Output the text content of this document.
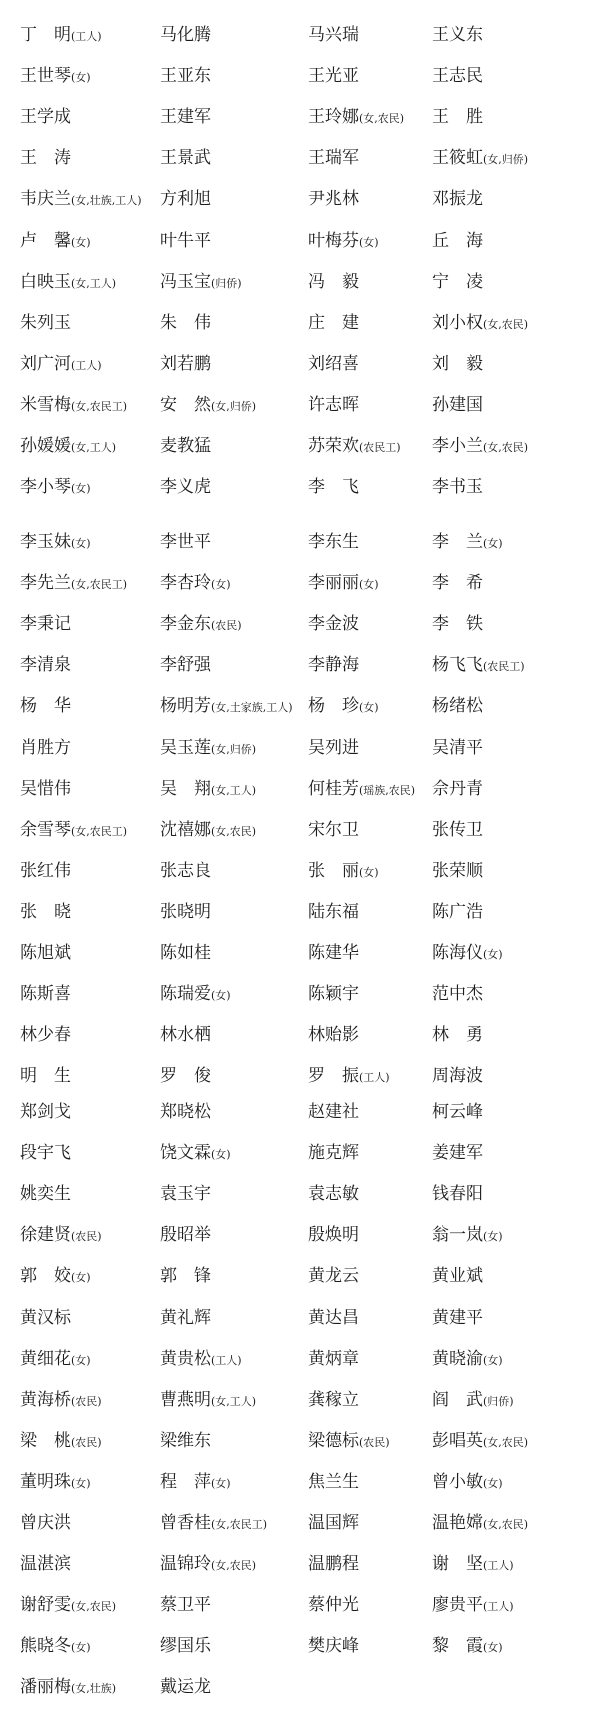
丁　明(工人)	马化腾	马兴瑞	王义东
王世琴(女)	王亚东	王光亚	王志民
王学成	王建军	王玲娜(女,农民) 王　胜
王　涛	王景武	王瑞军	王筱虹(女,归侨)
韦庆兰(女,壮族,工人) 方利旭	尹兆林	邓振龙
卢　馨(女)	叶牛平	叶梅芬(女)	丘　海
白映玉(女,工人)	冯玉宝(归侨)	冯　毅	宁　凌
朱列玉	朱　伟	庄　建	刘小权(女,农民)
刘广河(工人)	刘若鹏	刘绍喜	刘　毅
米雪梅(女,农民工) 安　然(女,归侨)	许志晖	孙建国
孙媛媛(女,工人)	麦教猛	苏荣欢(农民工) 李小兰(女,农民)
李小琴(女)	李义虎	李　飞	李书玉
李玉妹(女)	李世平	李东生	李　兰(女)
李先兰(女,农民工) 李杏玲(女)	李丽丽(女)	李　希
李秉记	李金东(农民)	李金波	李　铁
李清泉	李舒强	李静海	杨飞飞(农民工)
杨　华	杨明芳(女,土家族,工人) 杨　珍(女)	杨绪松
肖胜方	吴玉莲(女,归侨)	吴列进	吴清平
吴惜伟	吴　翔(女,工人)	何桂芳(瑶族,农民) 佘丹青
余雪琴(女,农民工) 沈禧娜(女,农民)	宋尔卫	张传卫
张红伟	张志良	张　丽(女)	张荣顺
张　晓	张晓明	陆东福	陈广浩
陈旭斌	陈如桂	陈建华	陈海仪(女)
陈斯喜	陈瑞爱(女)	陈颖宇	范中杰
林少春	林水栖	林贻影	林　勇
明　生	罗　俊	罗　振(工人) 周海波
郑剑戈	郑晓松	赵建社	柯云峰
段宇飞	饶文霖(女)	施克辉	姜建军
姚奕生	袁玉宇	袁志敏	钱春阳
徐建贤(农民)	殷昭举	殷焕明	翁一岚(女)
郭　姣(女)	郭　锋	黄龙云	黄业斌
黄汉标	黄礼辉	黄达昌	黄建平
黄细花(女)	黄贵松(工人)	黄炳章	黄晓渝(女)
黄海桥(农民)	曹燕明(女,工人)	龚稼立	阎　武(归侨)
梁　桃(农民)	梁维东	梁德标(农民) 彭唱英(女,农民)
董明珠(女)	程　萍(女)	焦兰生	曾小敏(女)
曾庆洪	曾香桂(女,农民工) 温国辉	温艳嫦(女,农民)
温湛滨	温锦玲(女,农民)	温鹏程	谢　坚(工人)
谢舒雯(女,农民)	蔡卫平	蔡仲光	廖贵平(工人)
熊晓冬(女)	缪国乐	樊庆峰	黎　霞(女)
潘丽梅(女,壮族)	戴运龙
